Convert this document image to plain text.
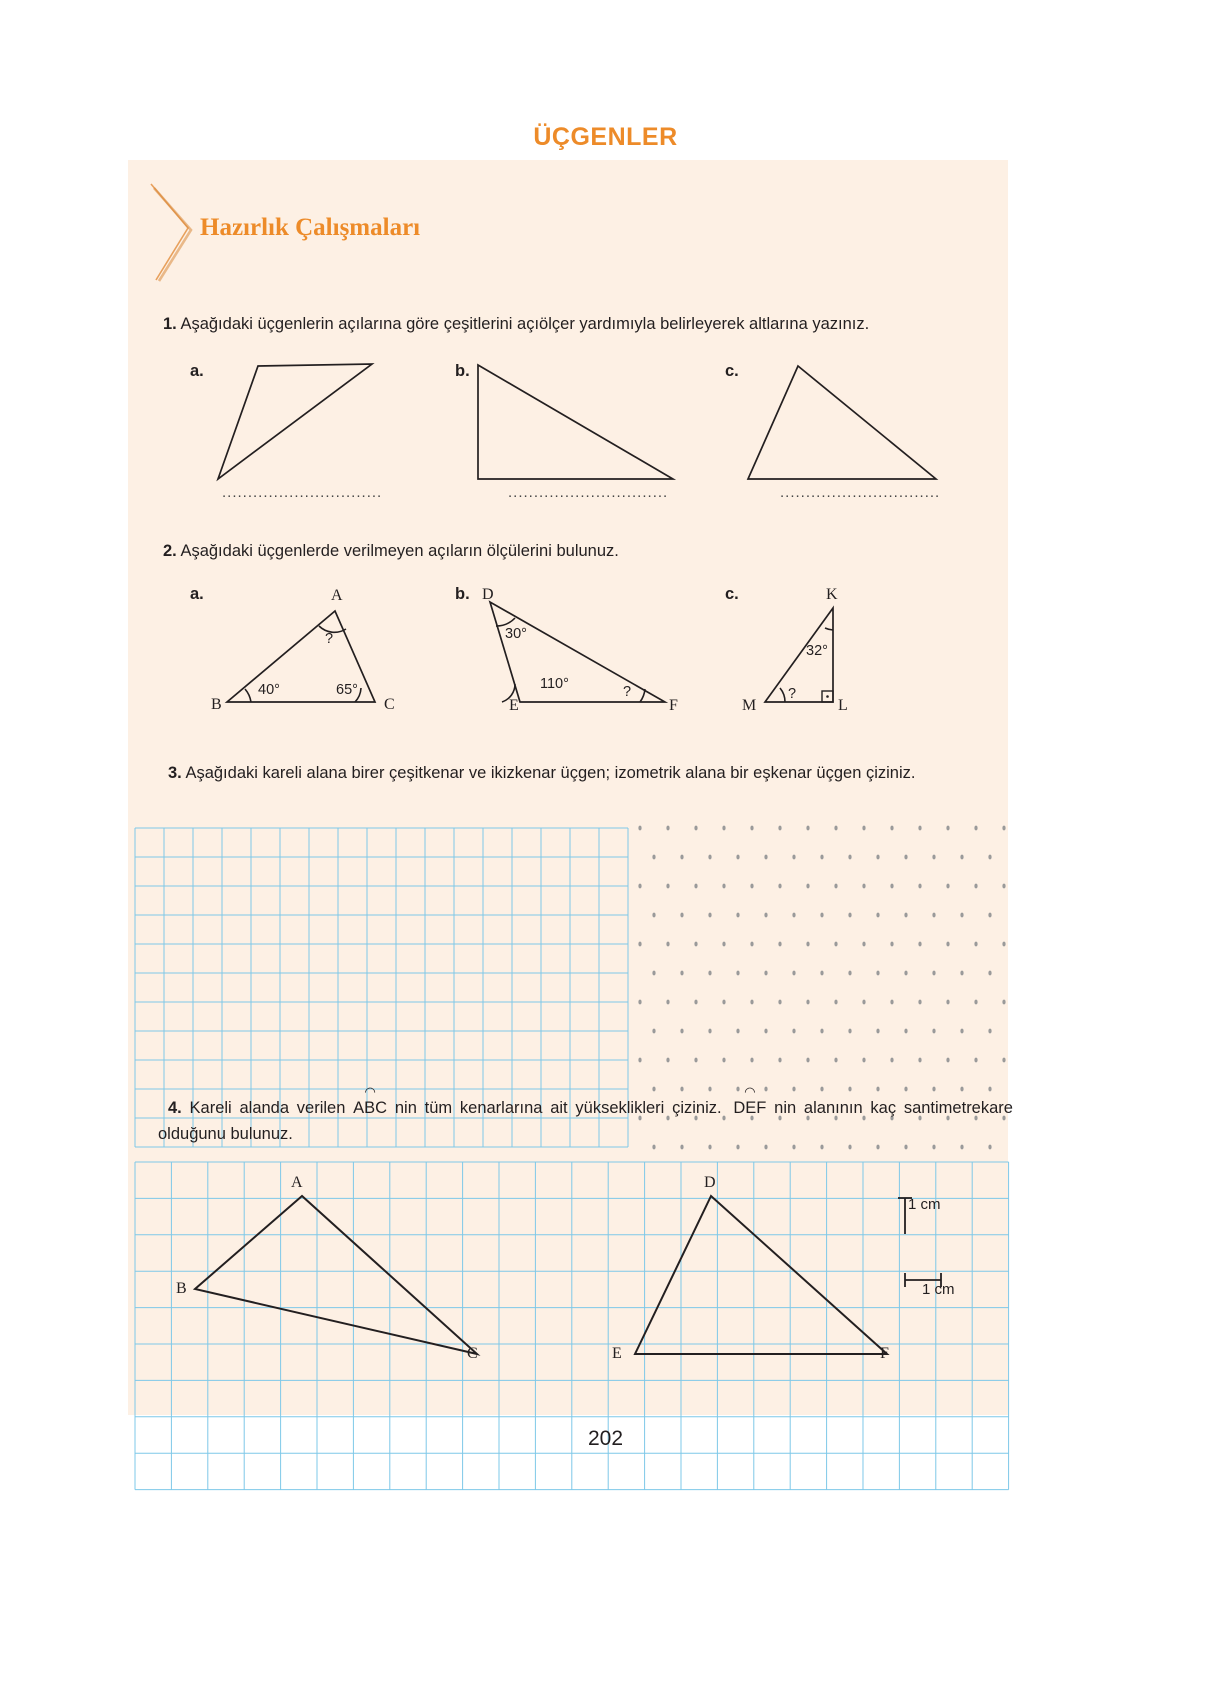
ÜÇGENLER
Hazırlık Çalışmaları
1. Aşağıdaki üçgenlerin açılarına göre çeşitlerini açıölçer yardımıyla belirleyerek altlarına yazınız.
a.	b.	c.
...............................	...............................	...............................
2. Aşağıdaki üçgenlerde verilmeyen açıların ölçülerini bulunuz.
a.	b.	c.
A
B	C
?
40°	65°
D
E	F
30°
110°	?
K
M	L
32°
?
3. Aşağıdaki kareli alana birer çeşitkenar ve ikizkenar üçgen; izometrik alana bir eşkenar üçgen çiziniz.
4. Kareli alanda verilen
◜◝
ABC nin tüm kenarlarına ait yükseklikleri çiziniz.
◜◝
DEF nin alanının kaç santimetrekare olduğunu bulunuz.
A
B
C
D
E	F
1 cm
1 cm
202
